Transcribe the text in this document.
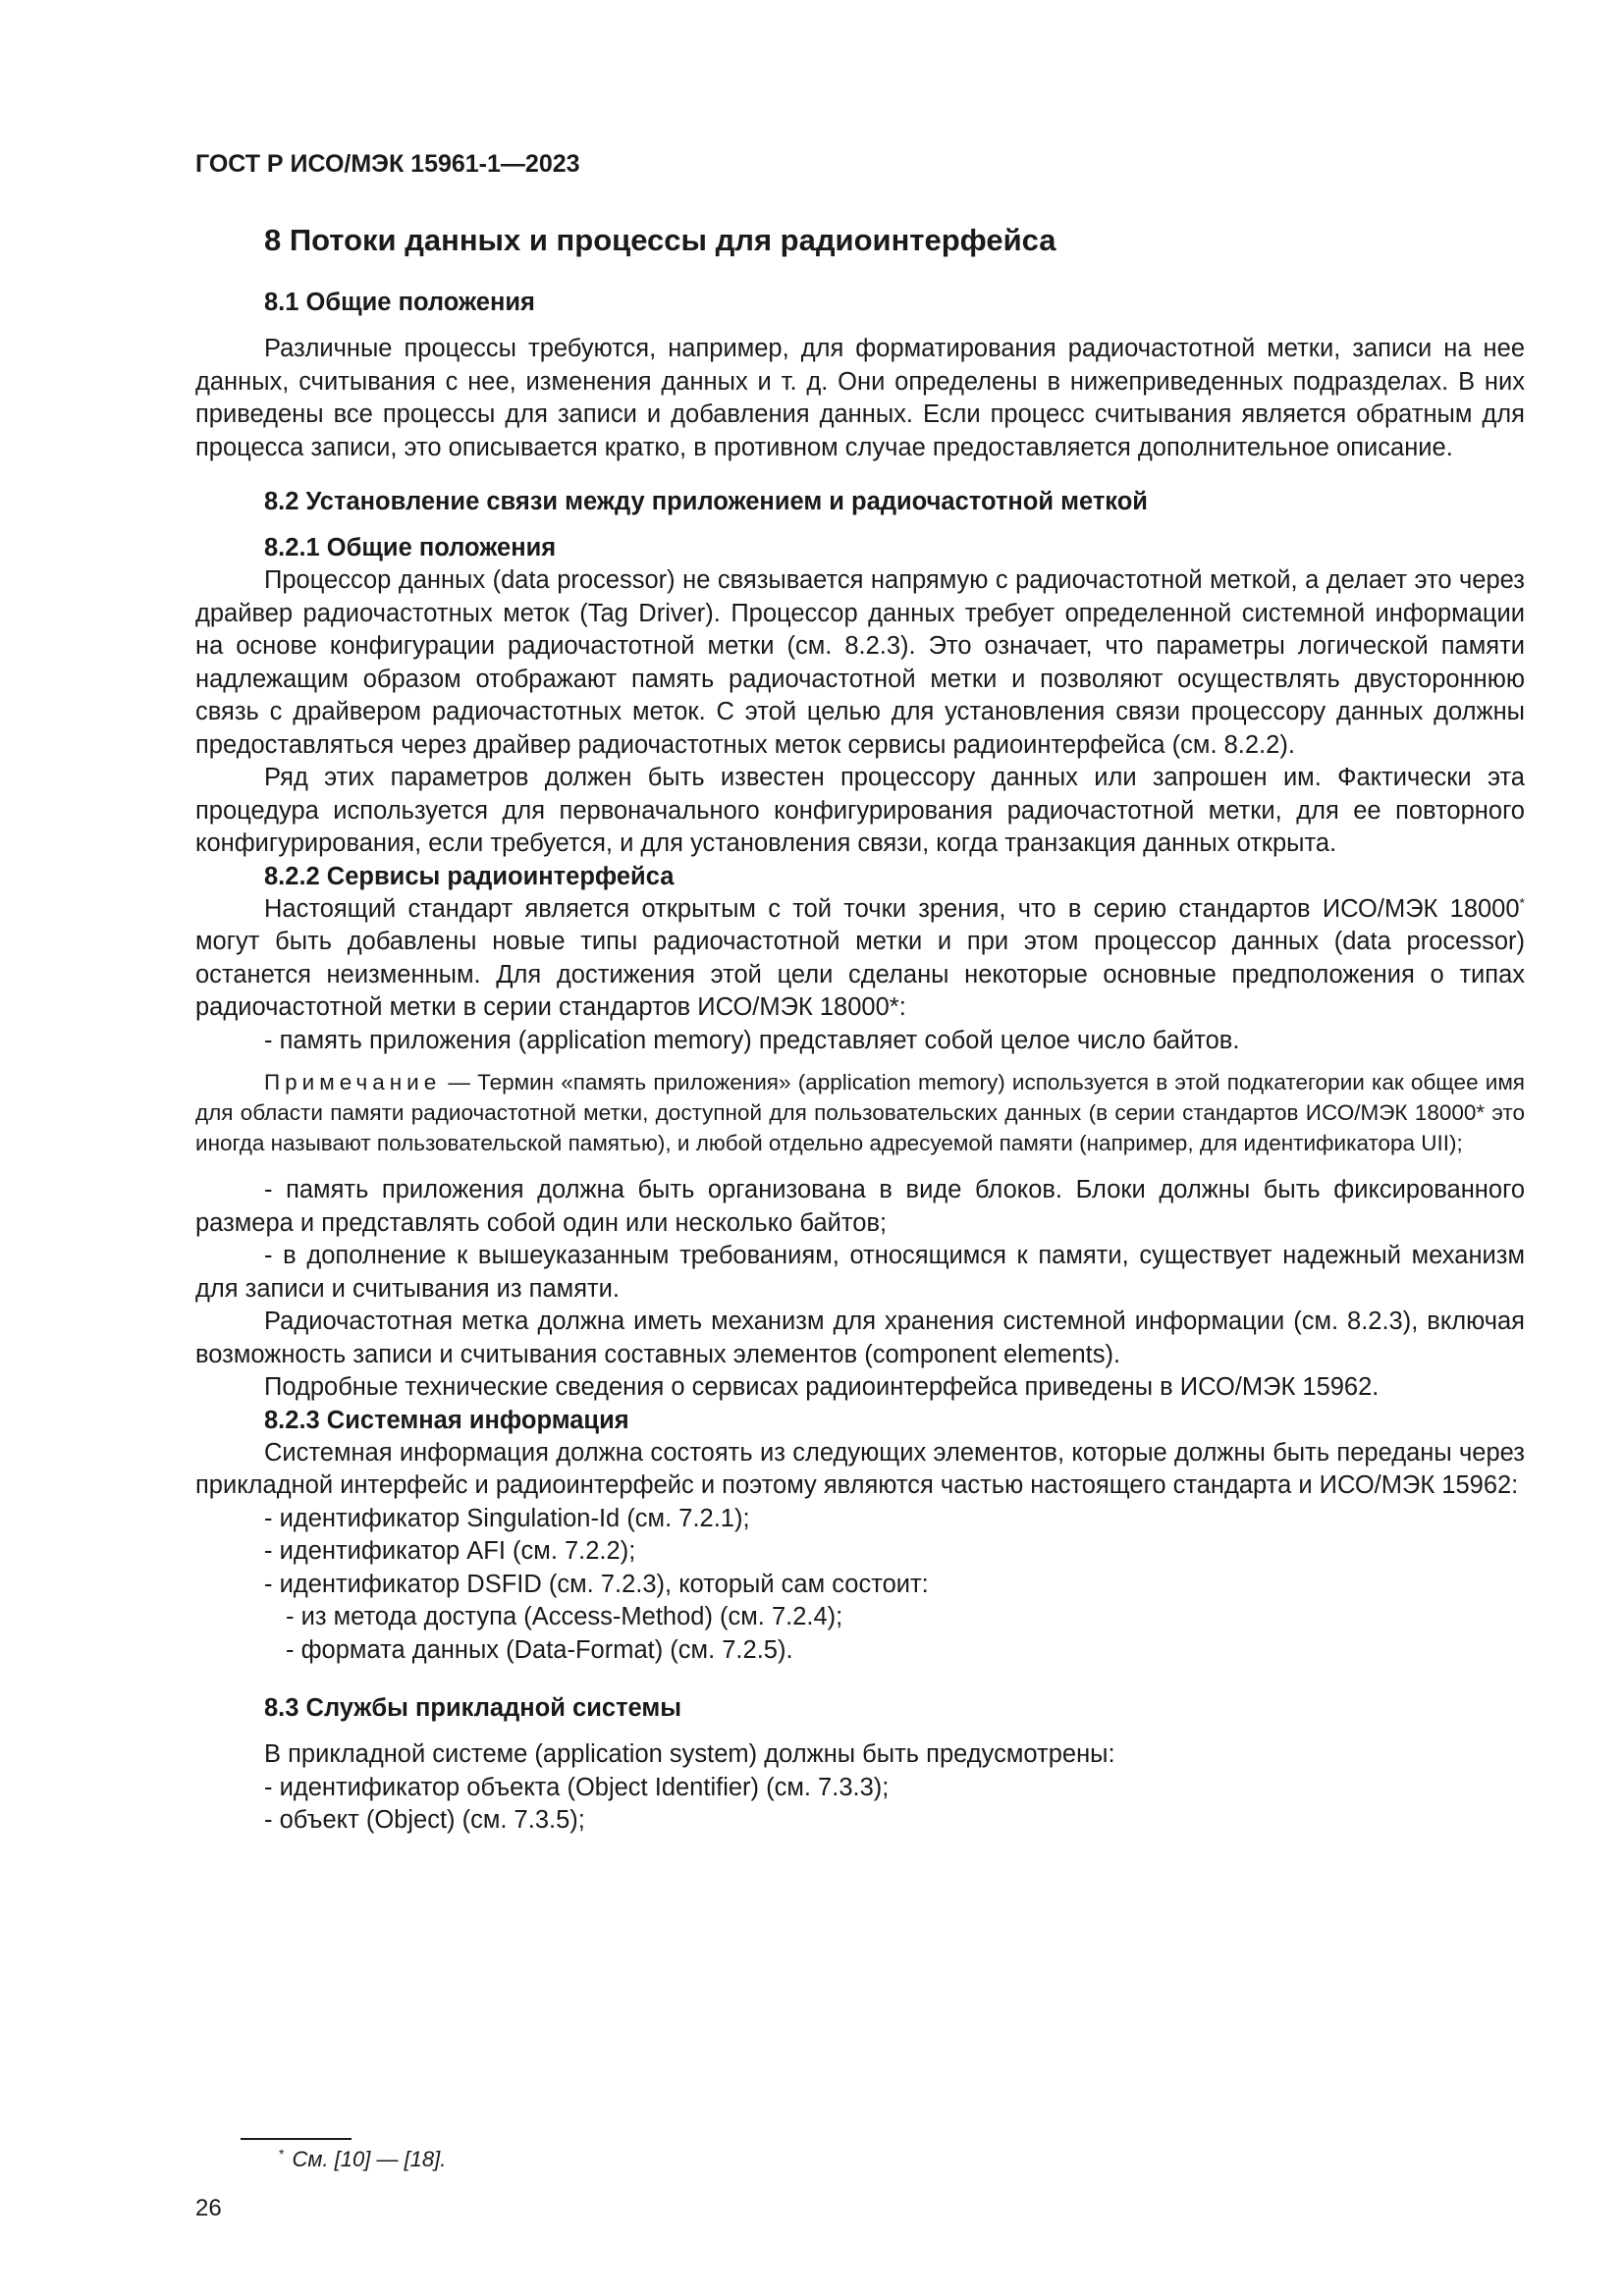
ГОСТ Р ИСО/МЭК 15961-1—2023
8 Потоки данных и процессы для радиоинтерфейса
8.1 Общие положения

Различные процессы требуются, например, для форматирования радиочастотной метки, записи на нее данных, считывания с нее, изменения данных и т. д. Они определены в нижеприведенных подразделах. В них приведены все процессы для записи и добавления данных. Если процесс считывания является обратным для процесса записи, это описывается кратко, в противном случае предоставляется дополнительное описание.

8.2 Установление связи между приложением и радиочастотной меткой
8.2.1 Общие положения

Процессор данных (data processor) не связывается напрямую с радиочастотной меткой, а делает это через драйвер радиочастотных меток (Tag Driver). Процессор данных требует определенной системной информации на основе конфигурации радиочастотной метки (см. 8.2.3). Это означает, что параметры логической памяти надлежащим образом отображают память радиочастотной метки и позволяют осуществлять двустороннюю связь с драйвером радиочастотных меток. С этой целью для установления связи процессору данных должны предоставляться через драйвер радиочастотных меток сервисы радиоинтерфейса (см. 8.2.2).

Ряд этих параметров должен быть известен процессору данных или запрошен им. Фактически эта процедура используется для первоначального конфигурирования радиочастотной метки, для ее повторного конфигурирования, если требуется, и для установления связи, когда транзакция данных открыта.

8.2.2 Сервисы радиоинтерфейса

Настоящий стандарт является открытым с той точки зрения, что в серию стандартов ИСО/МЭК 18000* могут быть добавлены новые типы радиочастотной метки и при этом процессор данных (data processor) останется неизменным. Для достижения этой цели сделаны некоторые основные предположения о типах радиочастотной метки в серии стандартов ИСО/МЭК 18000*:

- память приложения (application memory) представляет собой целое число байтов.
Примечание — Термин «память приложения» (application memory) используется в этой подкатегории как общее имя для области памяти радиочастотной метки, доступной для пользовательских данных (в серии стандартов ИСО/МЭК 18000* это иногда называют пользовательской памятью), и любой отдельно адресуемой памяти (например, для идентификатора UII);

- память приложения должна быть организована в виде блоков. Блоки должны быть фиксированного размера и представлять собой один или несколько байтов;

- в дополнение к вышеуказанным требованиям, относящимся к памяти, существует надежный механизм для записи и считывания из памяти.

Радиочастотная метка должна иметь механизм для хранения системной информации (см. 8.2.3), включая возможность записи и считывания составных элементов (component elements).

Подробные технические сведения о сервисах радиоинтерфейса приведены в ИСО/МЭК 15962.

8.2.3 Системная информация

Системная информация должна состоять из следующих элементов, которые должны быть переданы через прикладной интерфейс и радиоинтерфейс и поэтому являются частью настоящего стандарта и ИСО/МЭК 15962:

- идентификатор Singulation-Id (см. 7.2.1);
- идентификатор AFI (см. 7.2.2);
- идентификатор DSFID (см. 7.2.3), который сам состоит:
- из метода доступа (Access-Method) (см. 7.2.4);
- формата данных (Data-Format) (см. 7.2.5).
8.3 Службы прикладной системы

В прикладной системе (application system) должны быть предусмотрены:

- идентификатор объекта (Object Identifier) (см. 7.3.3);
- объект (Object) (см. 7.3.5);
* См. [10] — [18].
26
